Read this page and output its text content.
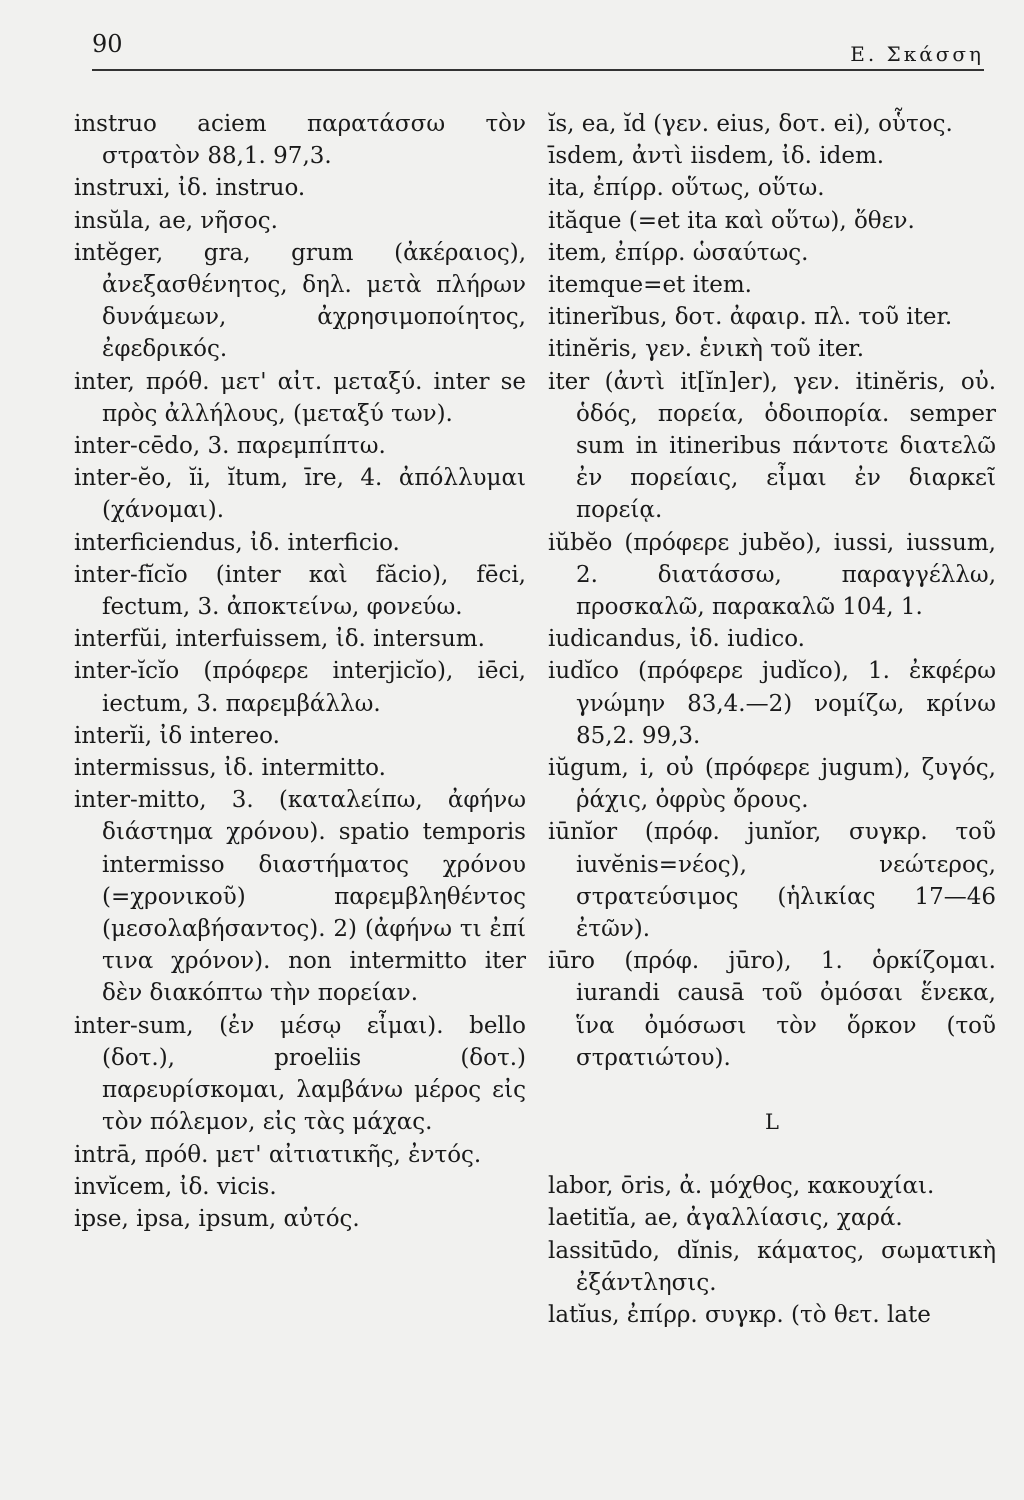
90	Ε. Σκάσση

instruo aciem παρατάσσω τὸν στρατὸν 88,1. 97,3.

instruxi, ἰδ. instruo.

insŭla, ae, νῆσος.

intĕger, gra, grum (ἀκέραιος), ἀνεξασθένητος, δηλ. μετὰ πλήρων δυνάμεων, ἀχρησιμοποίητος, ἐφεδρικός.

inter, πρόθ. μετ' αἰτ. μεταξύ. inter se πρὸς ἀλλήλους, (μεταξύ των).

inter-cēdo, 3. παρεμπίπτω.

inter-ĕo, ĭi, ĭtum, īre, 4. ἀπόλλυμαι (χάνομαι).

interficiendus, ἰδ. interficio.

inter-fĭcĭo (inter καὶ făcio), fēci, fectum, 3. ἀποκτείνω, φονεύω.

interfŭi, interfuissem, ἰδ. intersum.

inter-ĭcĭo (πρόφερε interjicĭo), iēci, iectum, 3. παρεμβάλλω.

interĭi, ἰδ intereo.

intermissus, ἰδ. intermitto.

inter-mitto, 3. (καταλείπω, ἀφήνω διάστημα χρόνου). spatio temporis intermisso διαστήματος χρόνου (=χρονικοῦ) παρεμβληθέντος (μεσολαβήσαντος). 2) (ἀφήνω τι ἐπί τινα χρόνον). non intermitto iter δὲν διακόπτω τὴν πορείαν.

inter-sum, (ἐν μέσῳ εἶμαι). bello (δοτ.), proeliis (δοτ.) παρευρίσκομαι, λαμβάνω μέρος εἰς τὸν πόλεμον, εἰς τὰς μάχας.

intrā, πρόθ. μετ' αἰτιατικῆς, ἐντός.

invĭcem, ἰδ. vicis.

ipse, ipsa, ipsum, αὐτός.

ĭs, ea, ĭd (γεν. eius, δοτ. ei), οὗτος.

īsdem, ἀντὶ iisdem, ἰδ. idem.

ita, ἐπίρρ. οὕτως, οὕτω.

ităque (=et ita καὶ οὕτω), ὅθεν.

item, ἐπίρρ. ὡσαύτως.

itemque=et item.

itinerĭbus, δοτ. ἀφαιρ. πλ. τοῦ iter.

itinĕris, γεν. ἑνικὴ τοῦ iter.

iter (ἀντὶ it[ĭn]er), γεν. itinĕris, οὐ. ὁδός, πορεία, ὁδοιπορία. semper sum in itineribus πάντοτε διατελῶ ἐν πορείαις, εἶμαι ἐν διαρκεῖ πορείᾳ.

iŭbĕo (πρόφερε jubĕo), iussi, iussum, 2. διατάσσω, παραγγέλλω, προσκαλῶ, παρακαλῶ 104, 1.

iudicandus, ἰδ. iudico.

iudĭco (πρόφερε judĭco), 1. ἐκφέρω γνώμην 83,4.—2) νομίζω, κρίνω 85,2. 99,3.

iŭgum, i, οὐ (πρόφερε jugum), ζυγός, ῥάχις, ὀφρὺς ὄρους.

iūnĭor (πρόφ. junĭor, συγκρ. τοῦ iuvĕnis=νέος), νεώτερος, στρατεύσιμος (ἡλικίας 17—46 ἐτῶν).

iūro (πρόφ. jūro), 1. ὁρκίζομαι. iurandi causā τοῦ ὀμόσαι ἕνεκα, ἵνα ὀμόσωσι τὸν ὅρκον (τοῦ στρατιώτου).

L

labor, ōris, ἀ. μόχθος, κακουχίαι.

laetitĭa, ae, ἀγαλλίασις, χαρά.

lassitūdo, dĭnis, κάματος, σωματικὴ ἐξάντλησις.

latĭus, ἐπίρρ. συγκρ. (τὸ θετ. late
